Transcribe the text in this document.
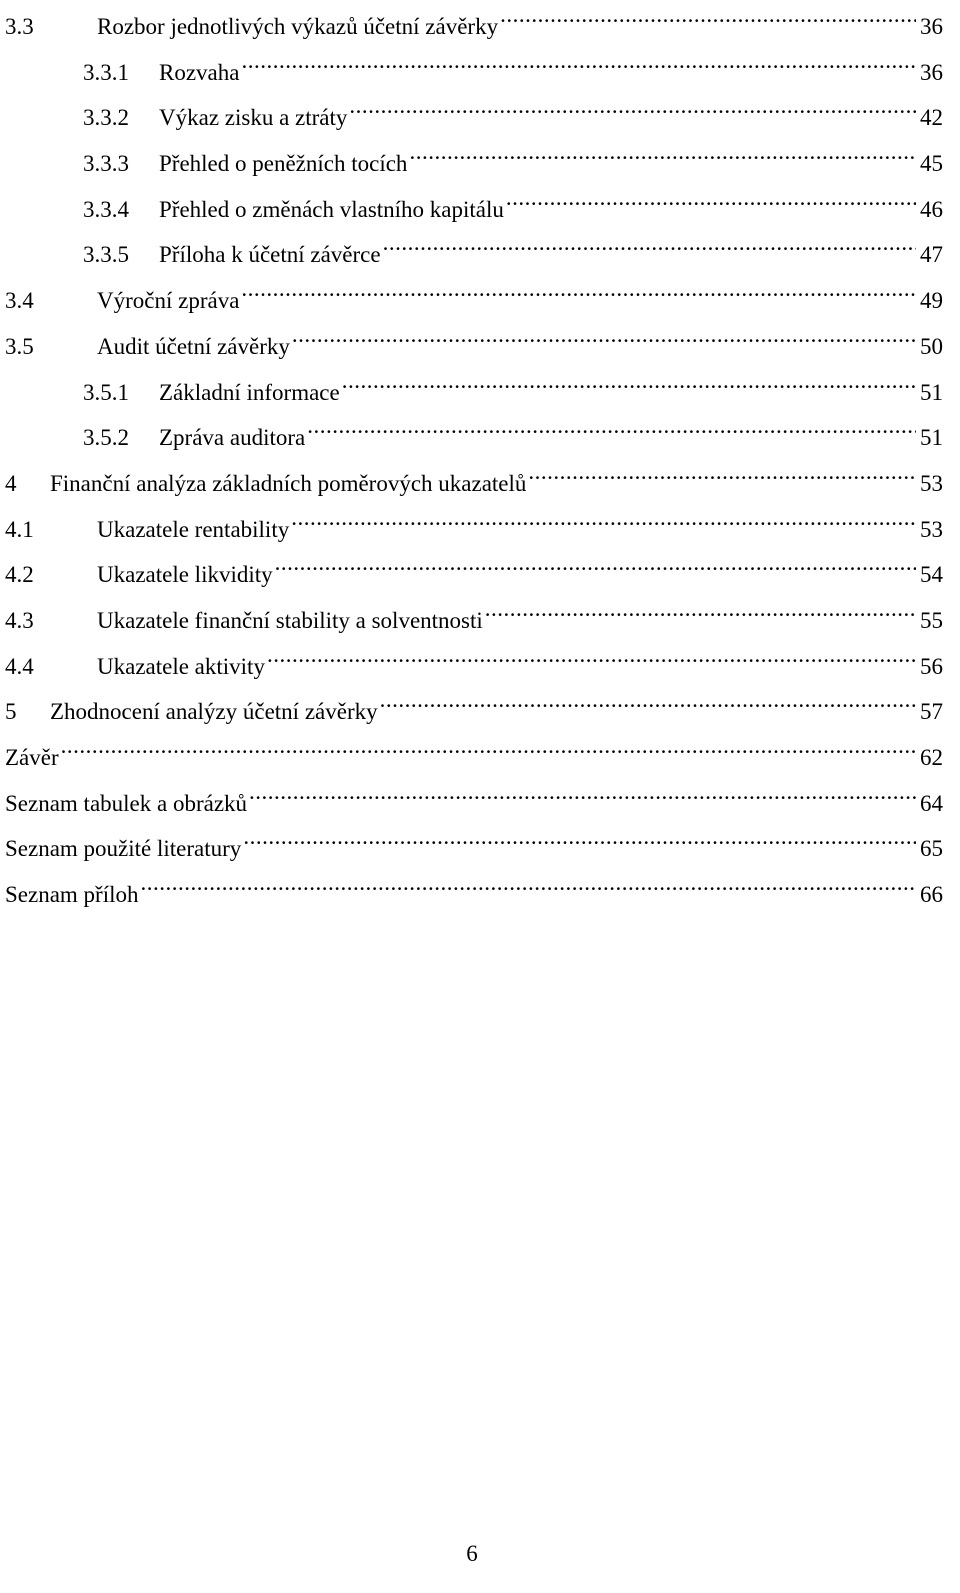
3.3	Rozbor jednotlivých výkazů účetní závěrky .....	36
3.3.1	Rozvaha .....	36
3.3.2	Výkaz zisku a ztráty .....	42
3.3.3	Přehled o peněžních tocích .....	45
3.3.4	Přehled o změnách vlastního kapitálu .....	46
3.3.5	Příloha k účetní závěrce .....	47
3.4	Výroční zpráva .....	49
3.5	Audit účetní závěrky .....	50
3.5.1	Základní informace .....	51
3.5.2	Zpráva auditora .....	51
4	Finanční analýza základních poměrových ukazatelů .....	53
4.1	Ukazatele rentability .....	53
4.2	Ukazatele likvidity .....	54
4.3	Ukazatele finanční stability a solventnosti .....	55
4.4	Ukazatele aktivity .....	56
5	Zhodnocení analýzy účetní závěrky .....	57
Závěr .....	62
Seznam tabulek a obrázků .....	64
Seznam použité literatury .....	65
Seznam příloh .....	66
6
